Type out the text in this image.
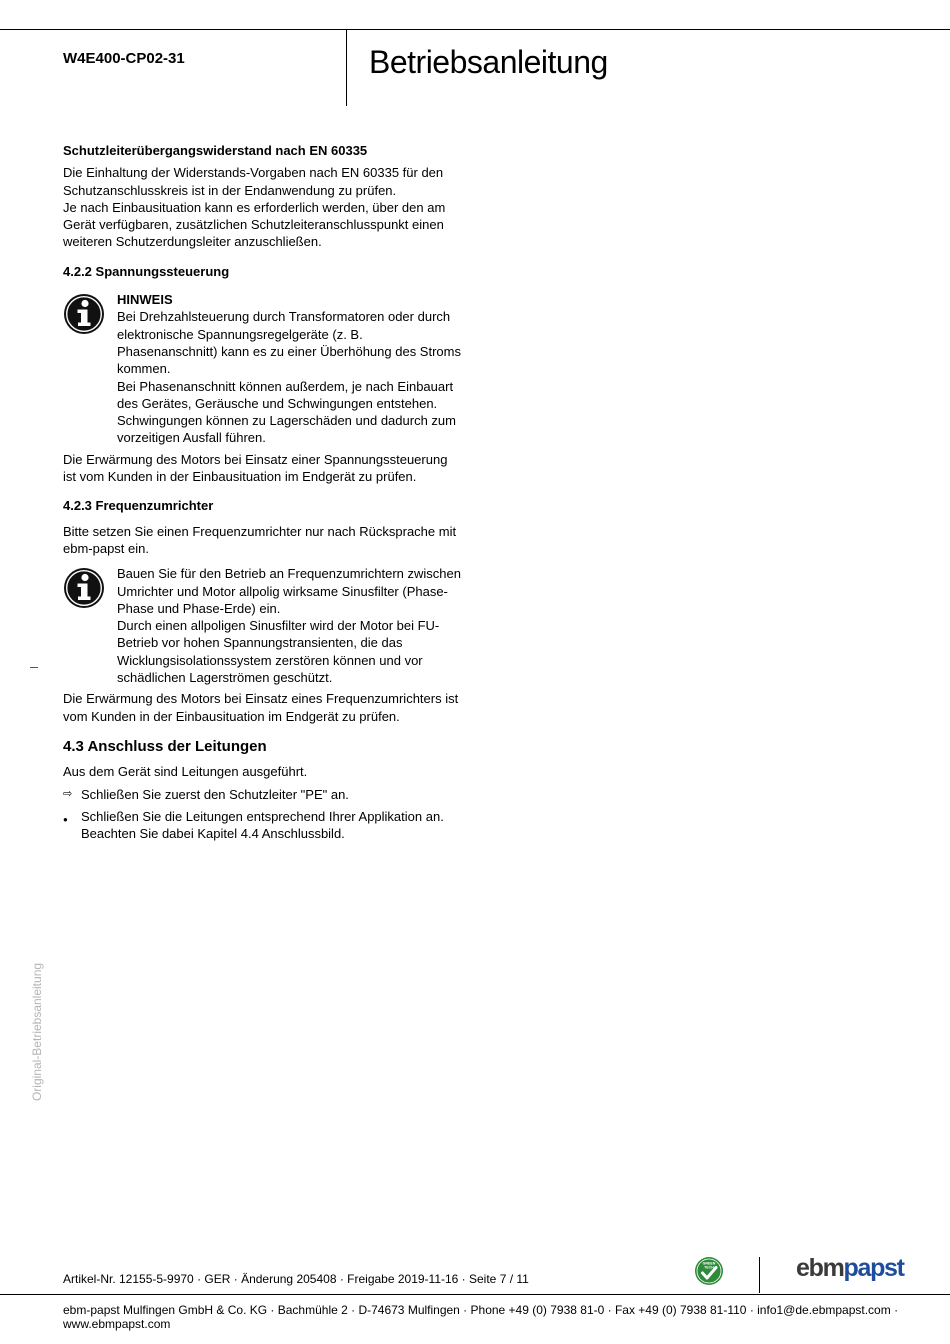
W4E400-CP02-31	Betriebsanleitung

Schutzleiterübergangswiderstand nach EN 60335

Die Einhaltung der Widerstands-Vorgaben nach EN 60335 für den Schutzanschlusskreis ist in der Endanwendung zu prüfen.

Je nach Einbausituation kann es erforderlich werden, über den am Gerät verfügbaren, zusätzlichen Schutzleiteranschlusspunkt einen weiteren Schutzerdungsleiter anzuschließen.

4.2.2 Spannungssteuerung

HINWEIS

Bei Drehzahlsteuerung durch Transformatoren oder durch elektronische Spannungsregelgeräte (z. B. Phasenanschnitt) kann es zu einer Überhöhung des Stroms kommen.

Bei Phasenanschnitt können außerdem, je nach Einbauart des Gerätes, Geräusche und Schwingungen entstehen.

Schwingungen können zu Lagerschäden und dadurch zum vorzeitigen Ausfall führen.

Die Erwärmung des Motors bei Einsatz einer Spannungssteuerung ist vom Kunden in der Einbausituation im Endgerät zu prüfen.

4.2.3 Frequenzumrichter

Bitte setzen Sie einen Frequenzumrichter nur nach Rücksprache mit ebm-papst ein.

Bauen Sie für den Betrieb an Frequenzumrichtern zwischen Umrichter und Motor allpolig wirksame Sinusfilter (Phase-Phase und Phase-Erde) ein.

Durch einen allpoligen Sinusfilter wird der Motor bei FU-Betrieb vor hohen Spannungstransienten, die das Wicklungsisolationssystem zerstören können und vor schädlichen Lagerströmen geschützt.

Die Erwärmung des Motors bei Einsatz eines Frequenzumrichters ist vom Kunden in der Einbausituation im Endgerät zu prüfen.

4.3 Anschluss der Leitungen

Aus dem Gerät sind Leitungen ausgeführt.

⇨ Schließen Sie zuerst den Schutzleiter "PE" an.
● Schließen Sie die Leitungen entsprechend Ihrer Applikation an. Beachten Sie dabei Kapitel 4.4 Anschlussbild.
Original-Betriebsanleitung
Artikel-Nr. 12155-5-9970 · GER · Änderung 205408 · Freigabe 2019-11-16 · Seite 7 / 11
GREEN
TECH	ebmpapst
ebm-papst Mulfingen GmbH & Co. KG · Bachmühle 2 · D-74673 Mulfingen · Phone +49 (0) 7938 81-0 · Fax +49 (0) 7938 81-110 · info1@de.ebmpapst.com · www.ebmpapst.com
